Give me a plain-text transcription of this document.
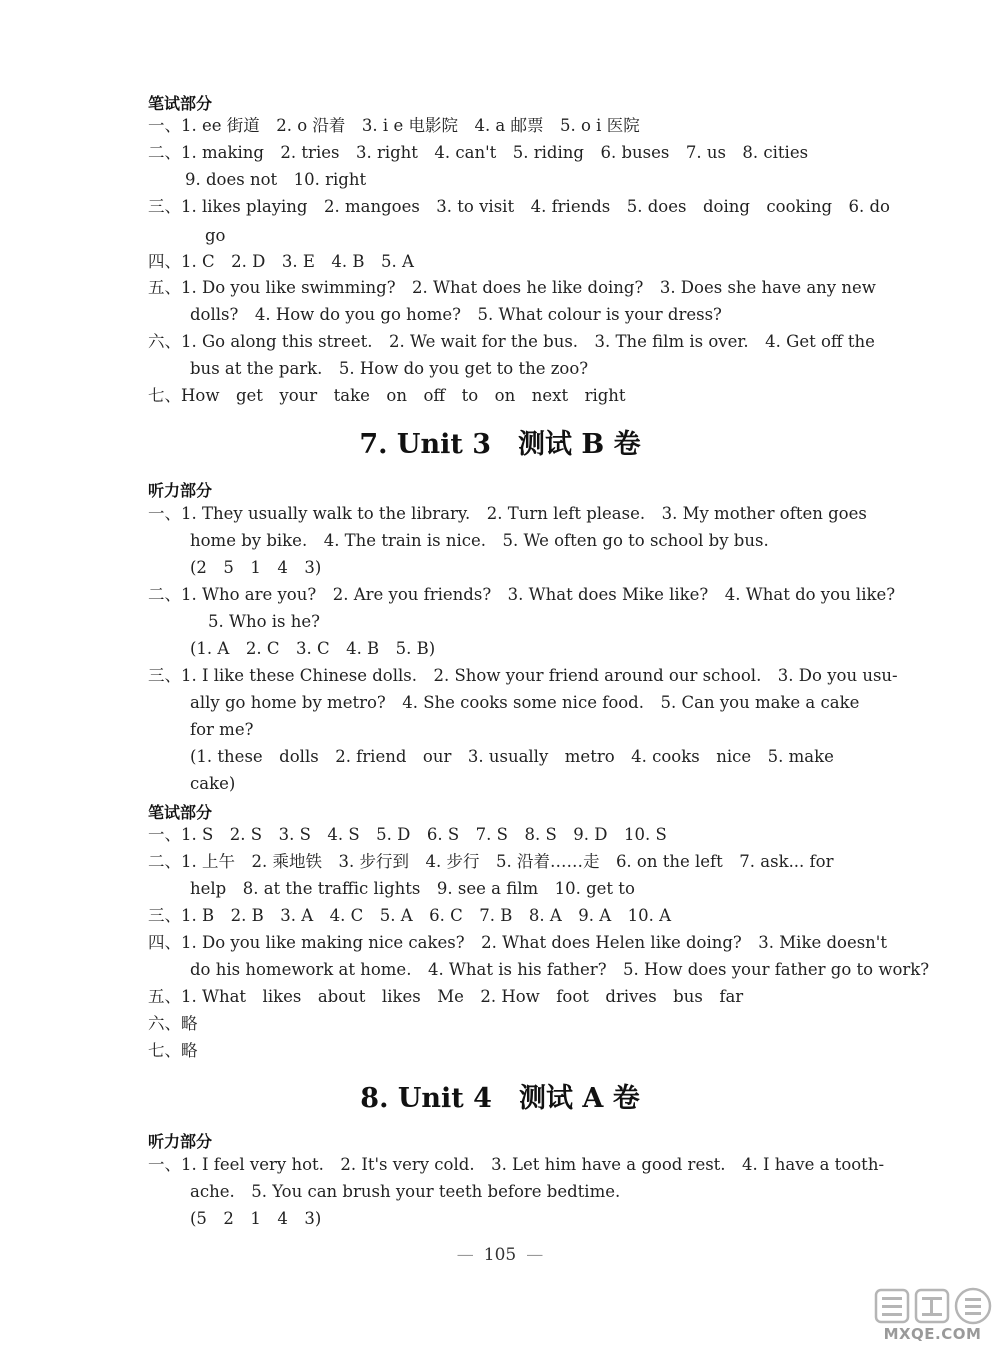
笔试部分
一、1. ee 街道　2. o 沿着　3. i e 电影院　4. a 邮票　5. o i 医院
二、1. making　2. tries　3. right　4. can't　5. riding　6. buses　7. us　8. cities
9. does not　10. right
三、1. likes playing　2. mangoes　3. to visit　4. friends　5. does　doing　cooking　6. do
go
四、1. C　2. D　3. E　4. B　5. A
五、1. Do you like swimming?　2. What does he like doing?　3. Does she have any new
dolls?　4. How do you go home?　5. What colour is your dress?
六、1. Go along this street.　2. We wait for the bus.　3. The film is over.　4. Get off the
bus at the park.　5. How do you get to the zoo?
七、How　get　your　take　on　off　to　on　next　right
7. Unit 3　测试 B 卷
听力部分
一、1. They usually walk to the library.　2. Turn left please.　3. My mother often goes
home by bike.　4. The train is nice.　5. We often go to school by bus.
(2　5　1　4　3)
二、1. Who are you?　2. Are you friends?　3. What does Mike like?　4. What do you like?
5. Who is he?
(1. A　2. C　3. C　4. B　5. B)
三、1. I like these Chinese dolls.　2. Show your friend around our school.　3. Do you usu-
ally go home by metro?　4. She cooks some nice food.　5. Can you make a cake
for me?
(1. these　dolls　2. friend　our　3. usually　metro　4. cooks　nice　5. make
cake)
笔试部分
一、1. S　2. S　3. S　4. S　5. D　6. S　7. S　8. S　9. D　10. S
二、1. 上午　2. 乘地铁　3. 步行到　4. 步行　5. 沿着……走　6. on the left　7. ask... for
help　8. at the traffic lights　9. see a film　10. get to
三、1. B　2. B　3. A　4. C　5. A　6. C　7. B　8. A　9. A　10. A
四、1. Do you like making nice cakes?　2. What does Helen like doing?　3. Mike doesn't
do his homework at home.　4. What is his father?　5. How does your father go to work?
五、1. What　likes　about　likes　Me　2. How　foot　drives　bus　far
六、略
七、略
8. Unit 4　测试 A 卷
听力部分
一、1. I feel very hot.　2. It's very cold.　3. Let him have a good rest.　4. I have a tooth-
ache.　5. You can brush your teeth before bedtime.
(5　2　1　4　3)
— 105 —
MXQE.COM
